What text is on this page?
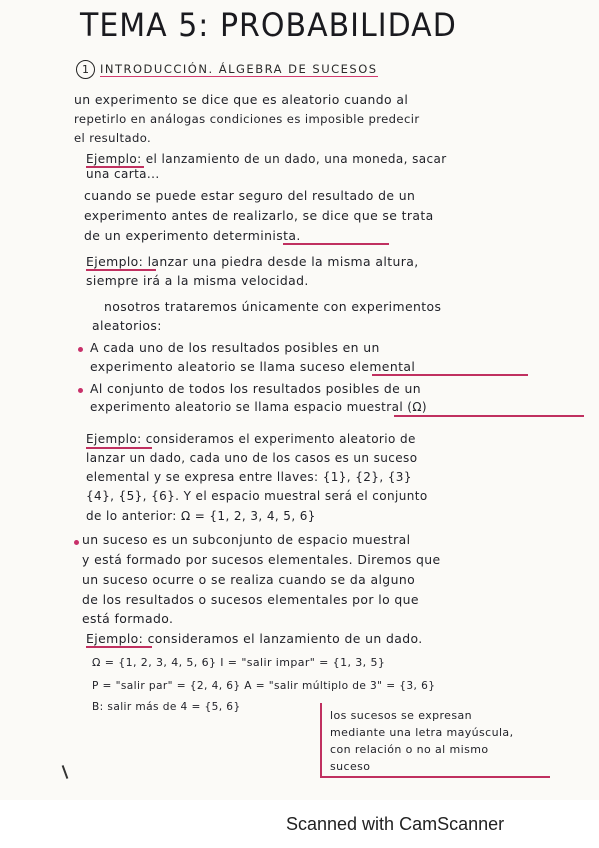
TEMA 5: PROBABILIDAD
1 INTRODUCCIÓN. ÁLGEBRA DE SUCESOS
un experimento se dice que es aleatorio cuando al
repetirlo en análogas condiciones es imposible predecir
el resultado.
Ejemplo: el lanzamiento de un dado, una moneda, sacar
una carta...
cuando se puede estar seguro del resultado de un
experimento antes de realizarlo, se dice que se trata
de un experimento determinista.
Ejemplo: lanzar una piedra desde la misma altura,
siempre irá a la misma velocidad.
nosotros trataremos únicamente con experimentos
aleatorios:
A cada uno de los resultados posibles en un
experimento aleatorio se llama suceso elemental
Al conjunto de todos los resultados posibles de un
experimento aleatorio se llama espacio muestral (Ω)
Ejemplo: consideramos el experimento aleatorio de
lanzar un dado, cada uno de los casos es un suceso
elemental y se expresa entre llaves: {1}, {2}, {3}
{4}, {5}, {6}. Y el espacio muestral será el conjunto
de lo anterior: Ω = {1, 2, 3, 4, 5, 6}
un suceso es un subconjunto de espacio muestral
y está formado por sucesos elementales. Diremos que
un suceso ocurre o se realiza cuando se da alguno
de los resultados o sucesos elementales por lo que
está formado.
Ejemplo: consideramos el lanzamiento de un dado.
Ω = {1, 2, 3, 4, 5, 6} I = "salir impar" = {1, 3, 5}
P = "salir par" = {2, 4, 6} A = "salir múltiplo de 3" = {3, 6}
B: salir más de 4 = {5, 6}
los sucesos se expresan
mediante una letra mayúscula,
con relación o no al mismo
suceso
Scanned with CamScanner
